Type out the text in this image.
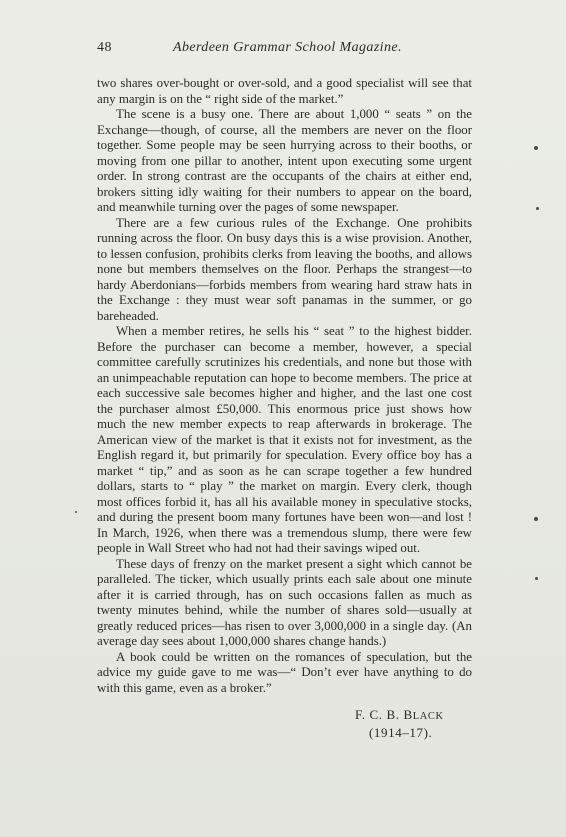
48	Aberdeen Grammar School Magazine.

two shares over-bought or over-sold, and a good specialist will see that any margin is on the “ right side of the market.”

The scene is a busy one. There are about 1,000 “ seats ” on the Exchange—though, of course, all the members are never on the floor together. Some people may be seen hurrying across to their booths, or moving from one pillar to another, intent upon executing some urgent order. In strong contrast are the occupants of the chairs at either end, brokers sitting idly waiting for their numbers to appear on the board, and meanwhile turning over the pages of some newspaper.

There are a few curious rules of the Exchange. One prohibits running across the floor. On busy days this is a wise provision. Another, to lessen confusion, prohibits clerks from leaving the booths, and allows none but members themselves on the floor. Perhaps the strangest—to hardy Aberdonians—forbids members from wearing hard straw hats in the Exchange : they must wear soft panamas in the summer, or go bareheaded.

When a member retires, he sells his “ seat ” to the highest bidder. Before the purchaser can become a member, however, a special committee carefully scrutinizes his credentials, and none but those with an unimpeachable reputation can hope to become members. The price at each successive sale becomes higher and higher, and the last one cost the purchaser almost £50,000. This enormous price just shows how much the new member expects to reap afterwards in brokerage. The American view of the market is that it exists not for investment, as the English regard it, but primarily for speculation. Every office boy has a market “ tip,” and as soon as he can scrape together a few hundred dollars, starts to “ play ” the market on margin. Every clerk, though most offices forbid it, has all his available money in speculative stocks, and during the present boom many fortunes have been won—and lost ! In March, 1926, when there was a tremendous slump, there were few people in Wall Street who had not had their savings wiped out.

These days of frenzy on the market present a sight which cannot be paralleled. The ticker, which usually prints each sale about one minute after it is carried through, has on such occasions fallen as much as twenty minutes behind, while the number of shares sold—usually at greatly reduced prices—has risen to over 3,000,000 in a single day. (An average day sees about 1,000,000 shares change hands.)

A book could be written on the romances of speculation, but the advice my guide gave to me was—“ Don’t ever have anything to do with this game, even as a broker.”

F. C. B. BLACK
(1914–17).
